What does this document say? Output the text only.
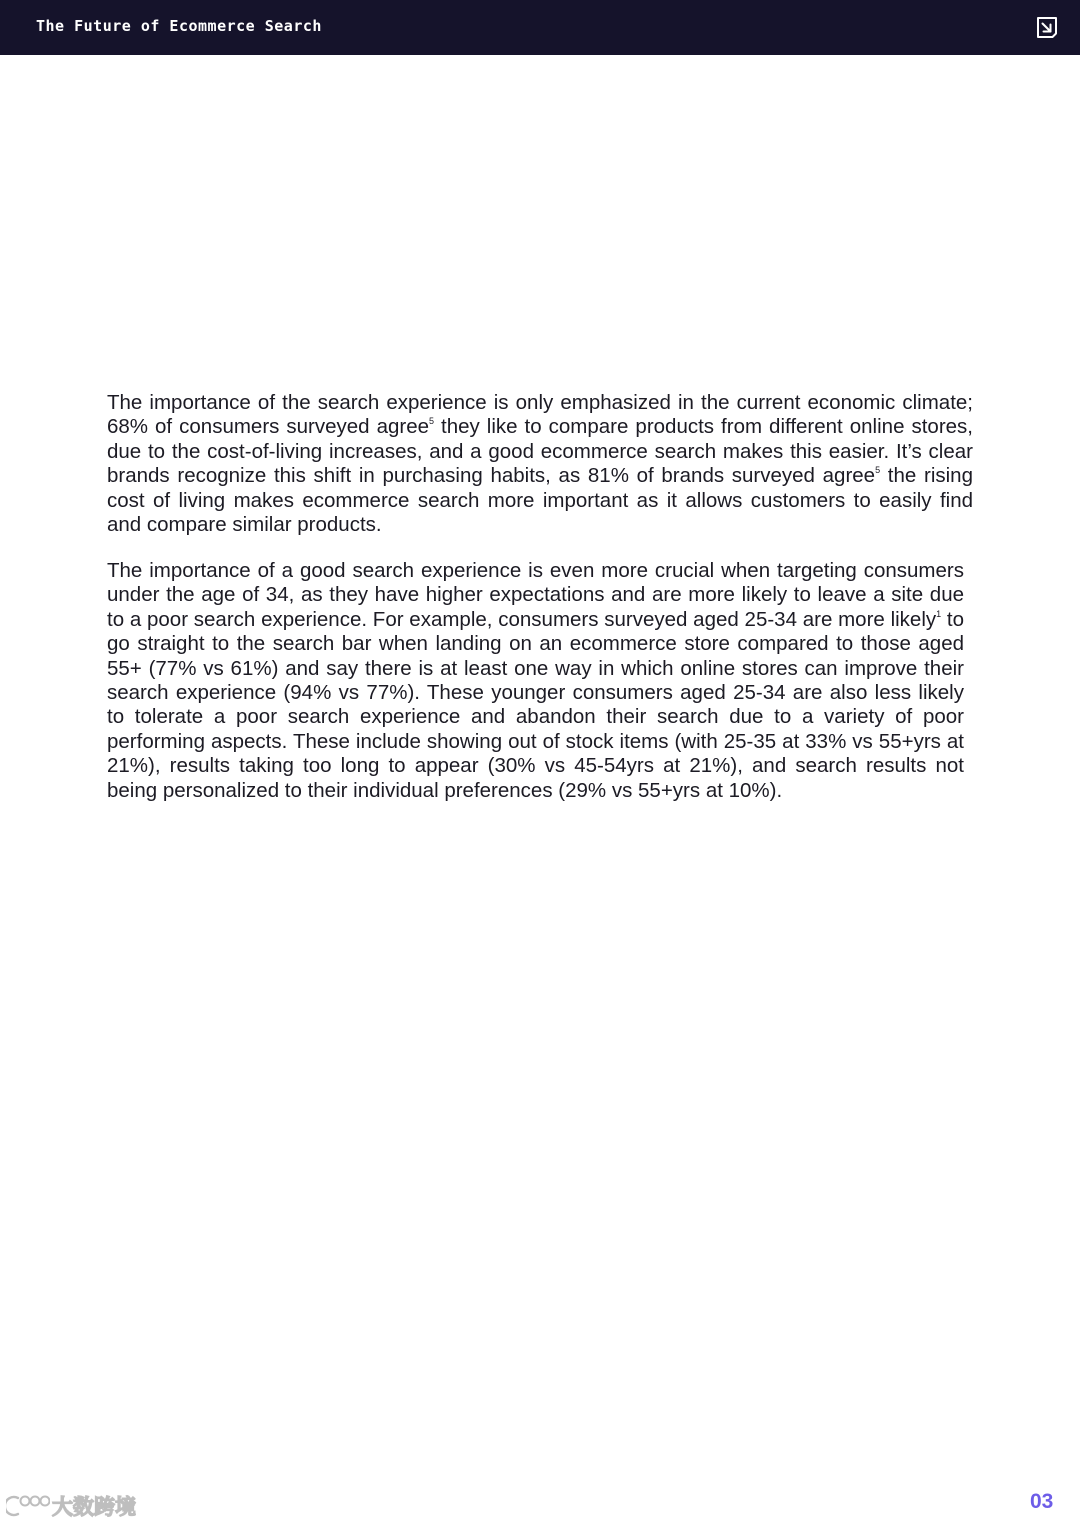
The Future of Ecommerce Search

The importance of the search experience is only emphasized in the current economic climate; 68% of consumers surveyed agree$^5$ they like to compare products from different online stores, due to the cost-of-living increases, and a good ecommerce search makes this easier. It’s clear brands recognize this shift in purchasing habits, as 81% of brands surveyed agree$^5$ the rising cost of living makes ecommerce search more important as it allows customers to easily find and compare similar products.

The importance of a good search experience is even more crucial when targeting consumers under the age of 34, as they have higher expectations and are more likely to leave a site due to a poor search experience. For example, consumers surveyed aged 25-34 are more likely$^1$ to go straight to the search bar when landing on an ecommerce store compared to those aged 55+ (77% vs 61%) and say there is at least one way in which online stores can improve their search experience (94% vs 77%). These younger consumers aged 25-34 are also less likely to tolerate a poor search experience and abandon their search due to a variety of poor performing aspects. These include showing out of stock items (with 25-35 at 33% vs 55+yrs at 21%), results taking too long to appear (30% vs 45-54yrs at 21%), and search results not being personalized to their individual preferences (29% vs 55+yrs at 10%).

大数跨境	03
